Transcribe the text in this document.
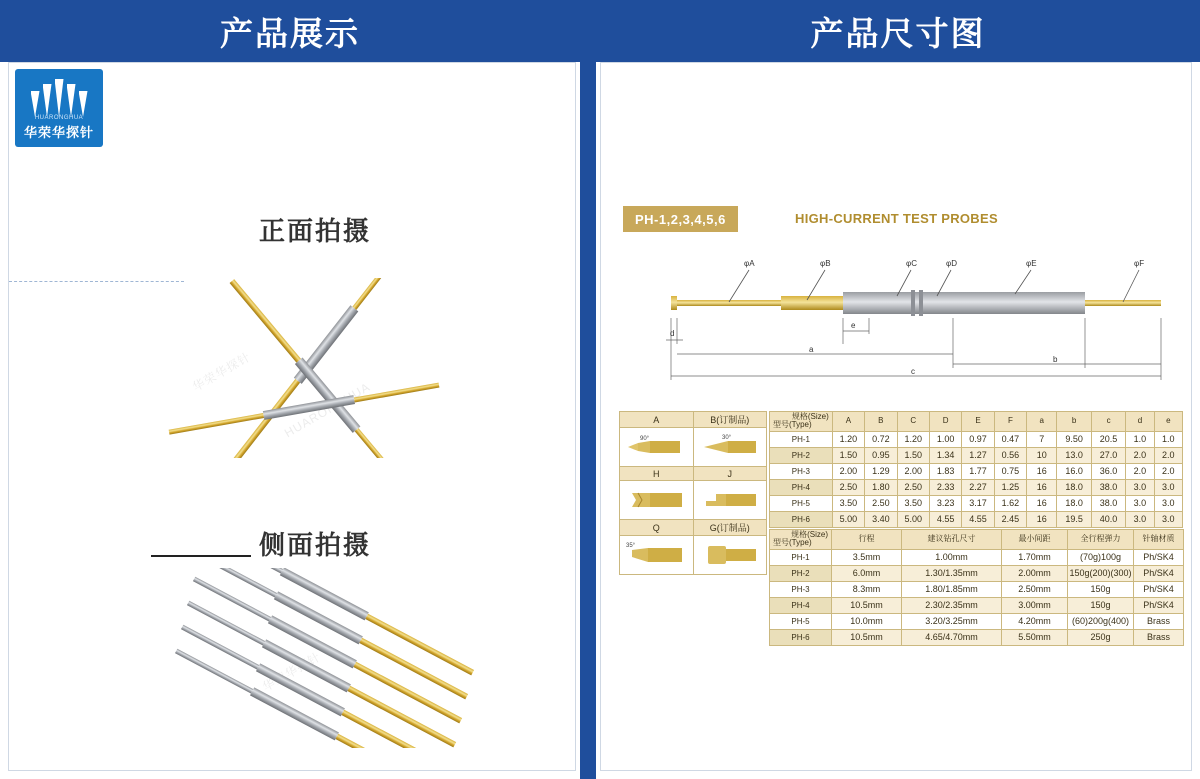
产品展示
HUARONGHUA
华荣华探针
正面拍摄
侧面拍摄
华荣华探针
HUARONGHUA
华荣华探针
产品尺寸图
PH-1,2,3,4,5,6	HIGH-CURRENT TEST PROBES
φA	φB	φC	φD	φE	φF
d
e
a
b
c
A	B(订制品)

90°	30°

H	J

Q	G(订制品)

35°

规格(Size)
型号(Type)	A	B	C	D	E	F	a	b	c	d	e
PH-1	1.20	0.72	1.20	1.00	0.97	0.47	7	9.50	20.5	1.0	1.0
PH-2	1.50	0.95	1.50	1.34	1.27	0.56	10	13.0	27.0	2.0	2.0
PH-3	2.00	1.29	2.00	1.83	1.77	0.75	16	16.0	36.0	2.0	2.0
PH-4	2.50	1.80	2.50	2.33	2.27	1.25	16	18.0	38.0	3.0	3.0
PH-5	3.50	2.50	3.50	3.23	3.17	1.62	16	18.0	38.0	3.0	3.0
PH-6	5.00	3.40	5.00	4.55	4.55	2.45	16	19.5	40.0	3.0	3.0
规格(Size)
型号(Type)	行程	建议钻孔尺寸	最小间距	全行程弹力	针轴材质
PH-1	3.5mm	1.00mm	1.70mm	(70g)100g	Ph/SK4
PH-2	6.0mm	1.30/1.35mm	2.00mm	150g(200)(300)	Ph/SK4
PH-3	8.3mm	1.80/1.85mm	2.50mm	150g	Ph/SK4
PH-4	10.5mm	2.30/2.35mm	3.00mm	150g	Ph/SK4
PH-5	10.0mm	3.20/3.25mm	4.20mm	(60)200g(400)	Brass
PH-6	10.5mm	4.65/4.70mm	5.50mm	250g	Brass
